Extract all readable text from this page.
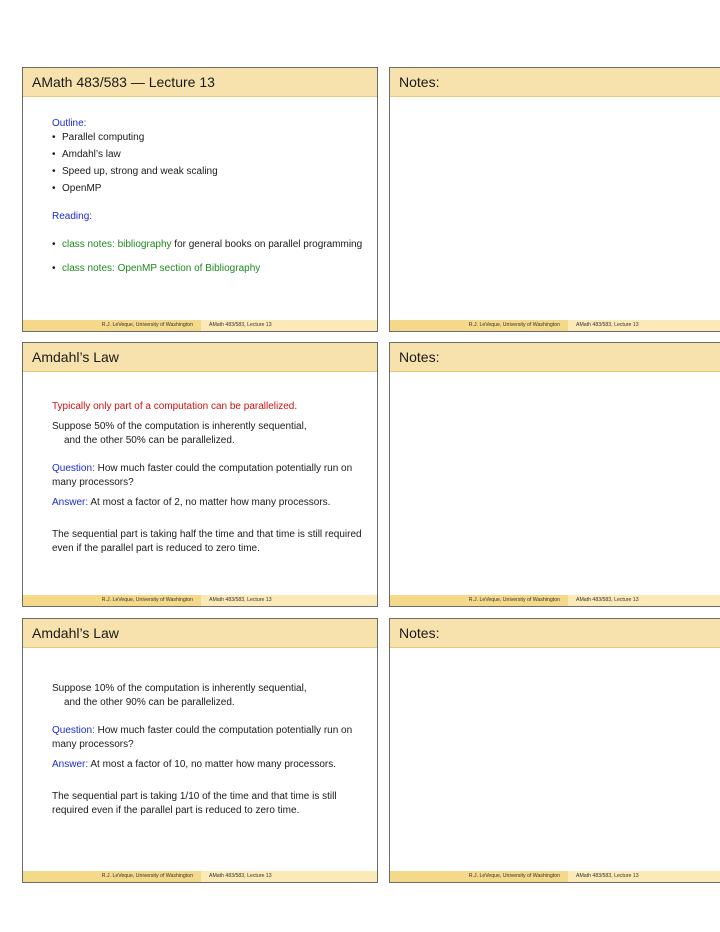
AMath 483/583 — Lecture 13

Outline:

• Parallel computing
• Amdahl’s law
• Speed up, strong and weak scaling
• OpenMP

Reading:

• class notes: bibliography for general books on parallel programming
• class notes: OpenMP section of Bibliography
R.J. LeVeque, University of Washington	AMath 483/583, Lecture 13
Notes:
R.J. LeVeque, University of Washington	AMath 483/583, Lecture 13
Amdahl’s Law

Typically only part of a computation can be parallelized.

Suppose 50% of the computation is inherently sequential,

and the other 50% can be parallelized.

Question: How much faster could the computation potentially run on many processors?

Answer: At most a factor of 2, no matter how many processors.

The sequential part is taking half the time and that time is still required even if the parallel part is reduced to zero time.

R.J. LeVeque, University of Washington	AMath 483/583, Lecture 13
Notes:
R.J. LeVeque, University of Washington	AMath 483/583, Lecture 13
Amdahl’s Law

Suppose 10% of the computation is inherently sequential,

and the other 90% can be parallelized.

Question: How much faster could the computation potentially run on many processors?

Answer: At most a factor of 10, no matter how many processors.

The sequential part is taking 1/10 of the time and that time is still required even if the parallel part is reduced to zero time.

R.J. LeVeque, University of Washington	AMath 483/583, Lecture 13
Notes:
R.J. LeVeque, University of Washington	AMath 483/583, Lecture 13
